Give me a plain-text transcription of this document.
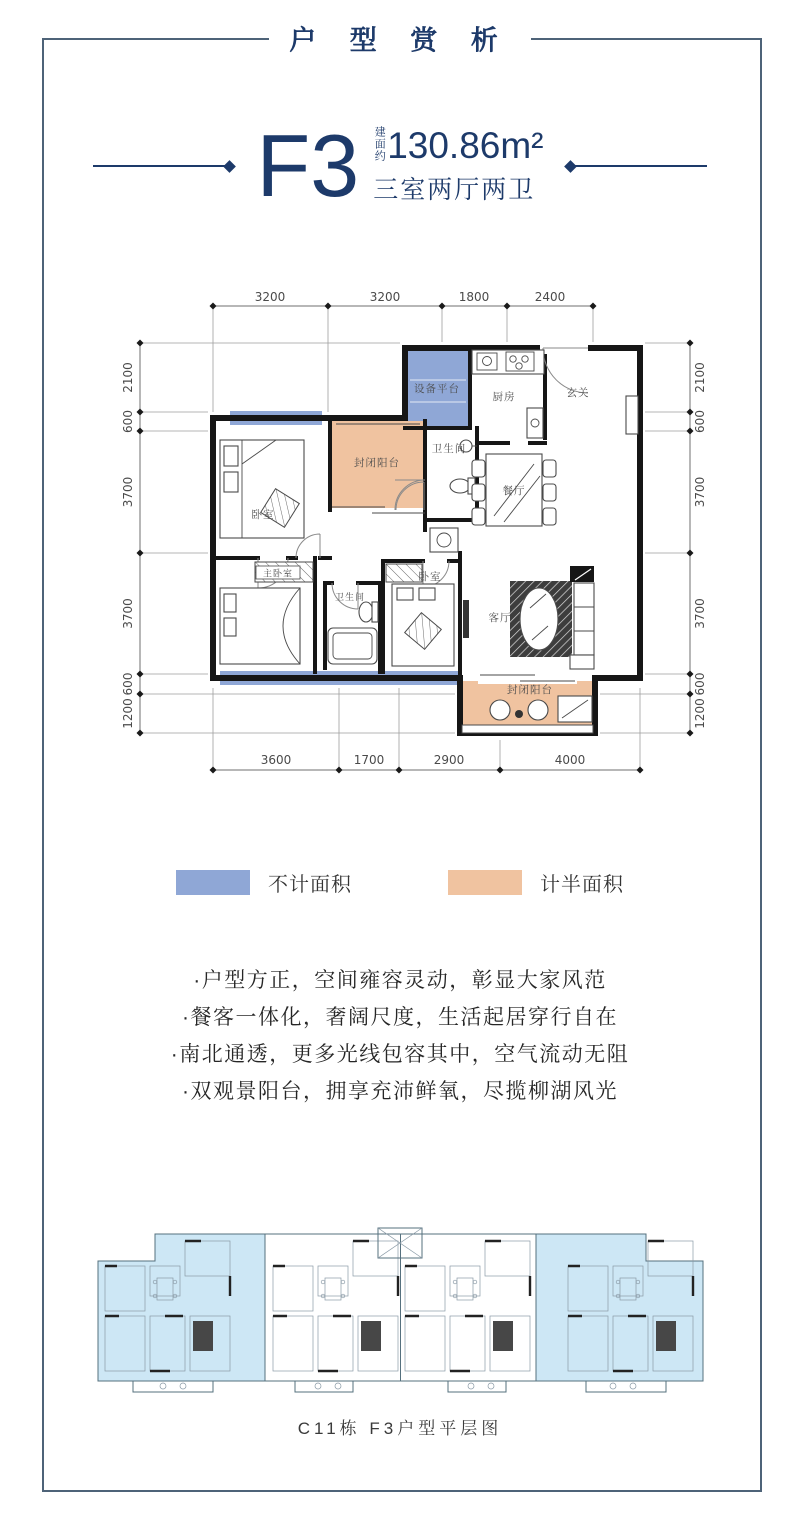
户 型 赏 析
F3 建面约 130.86m²
三室两厅两卫
3200	3200	1800	2400
3600	1700	2900	4000
2100
600
3700
3700
600
1200
2100
600
3700
3700
600
1200
设备平台
厨房	玄关
卫生间
封闭阳台
卧室
餐厅
主卧室
卫生间
卧室
客厅
封闭阳台
不计面积	计半面积
·户型方正，空间雍容灵动，彰显大家风范
·餐客一体化，奢阔尺度，生活起居穿行自在
·南北通透，更多光线包容其中，空气流动无阻
·双观景阳台，拥享充沛鲜氧，尽揽柳湖风光
C11栋 F3户型平层图
